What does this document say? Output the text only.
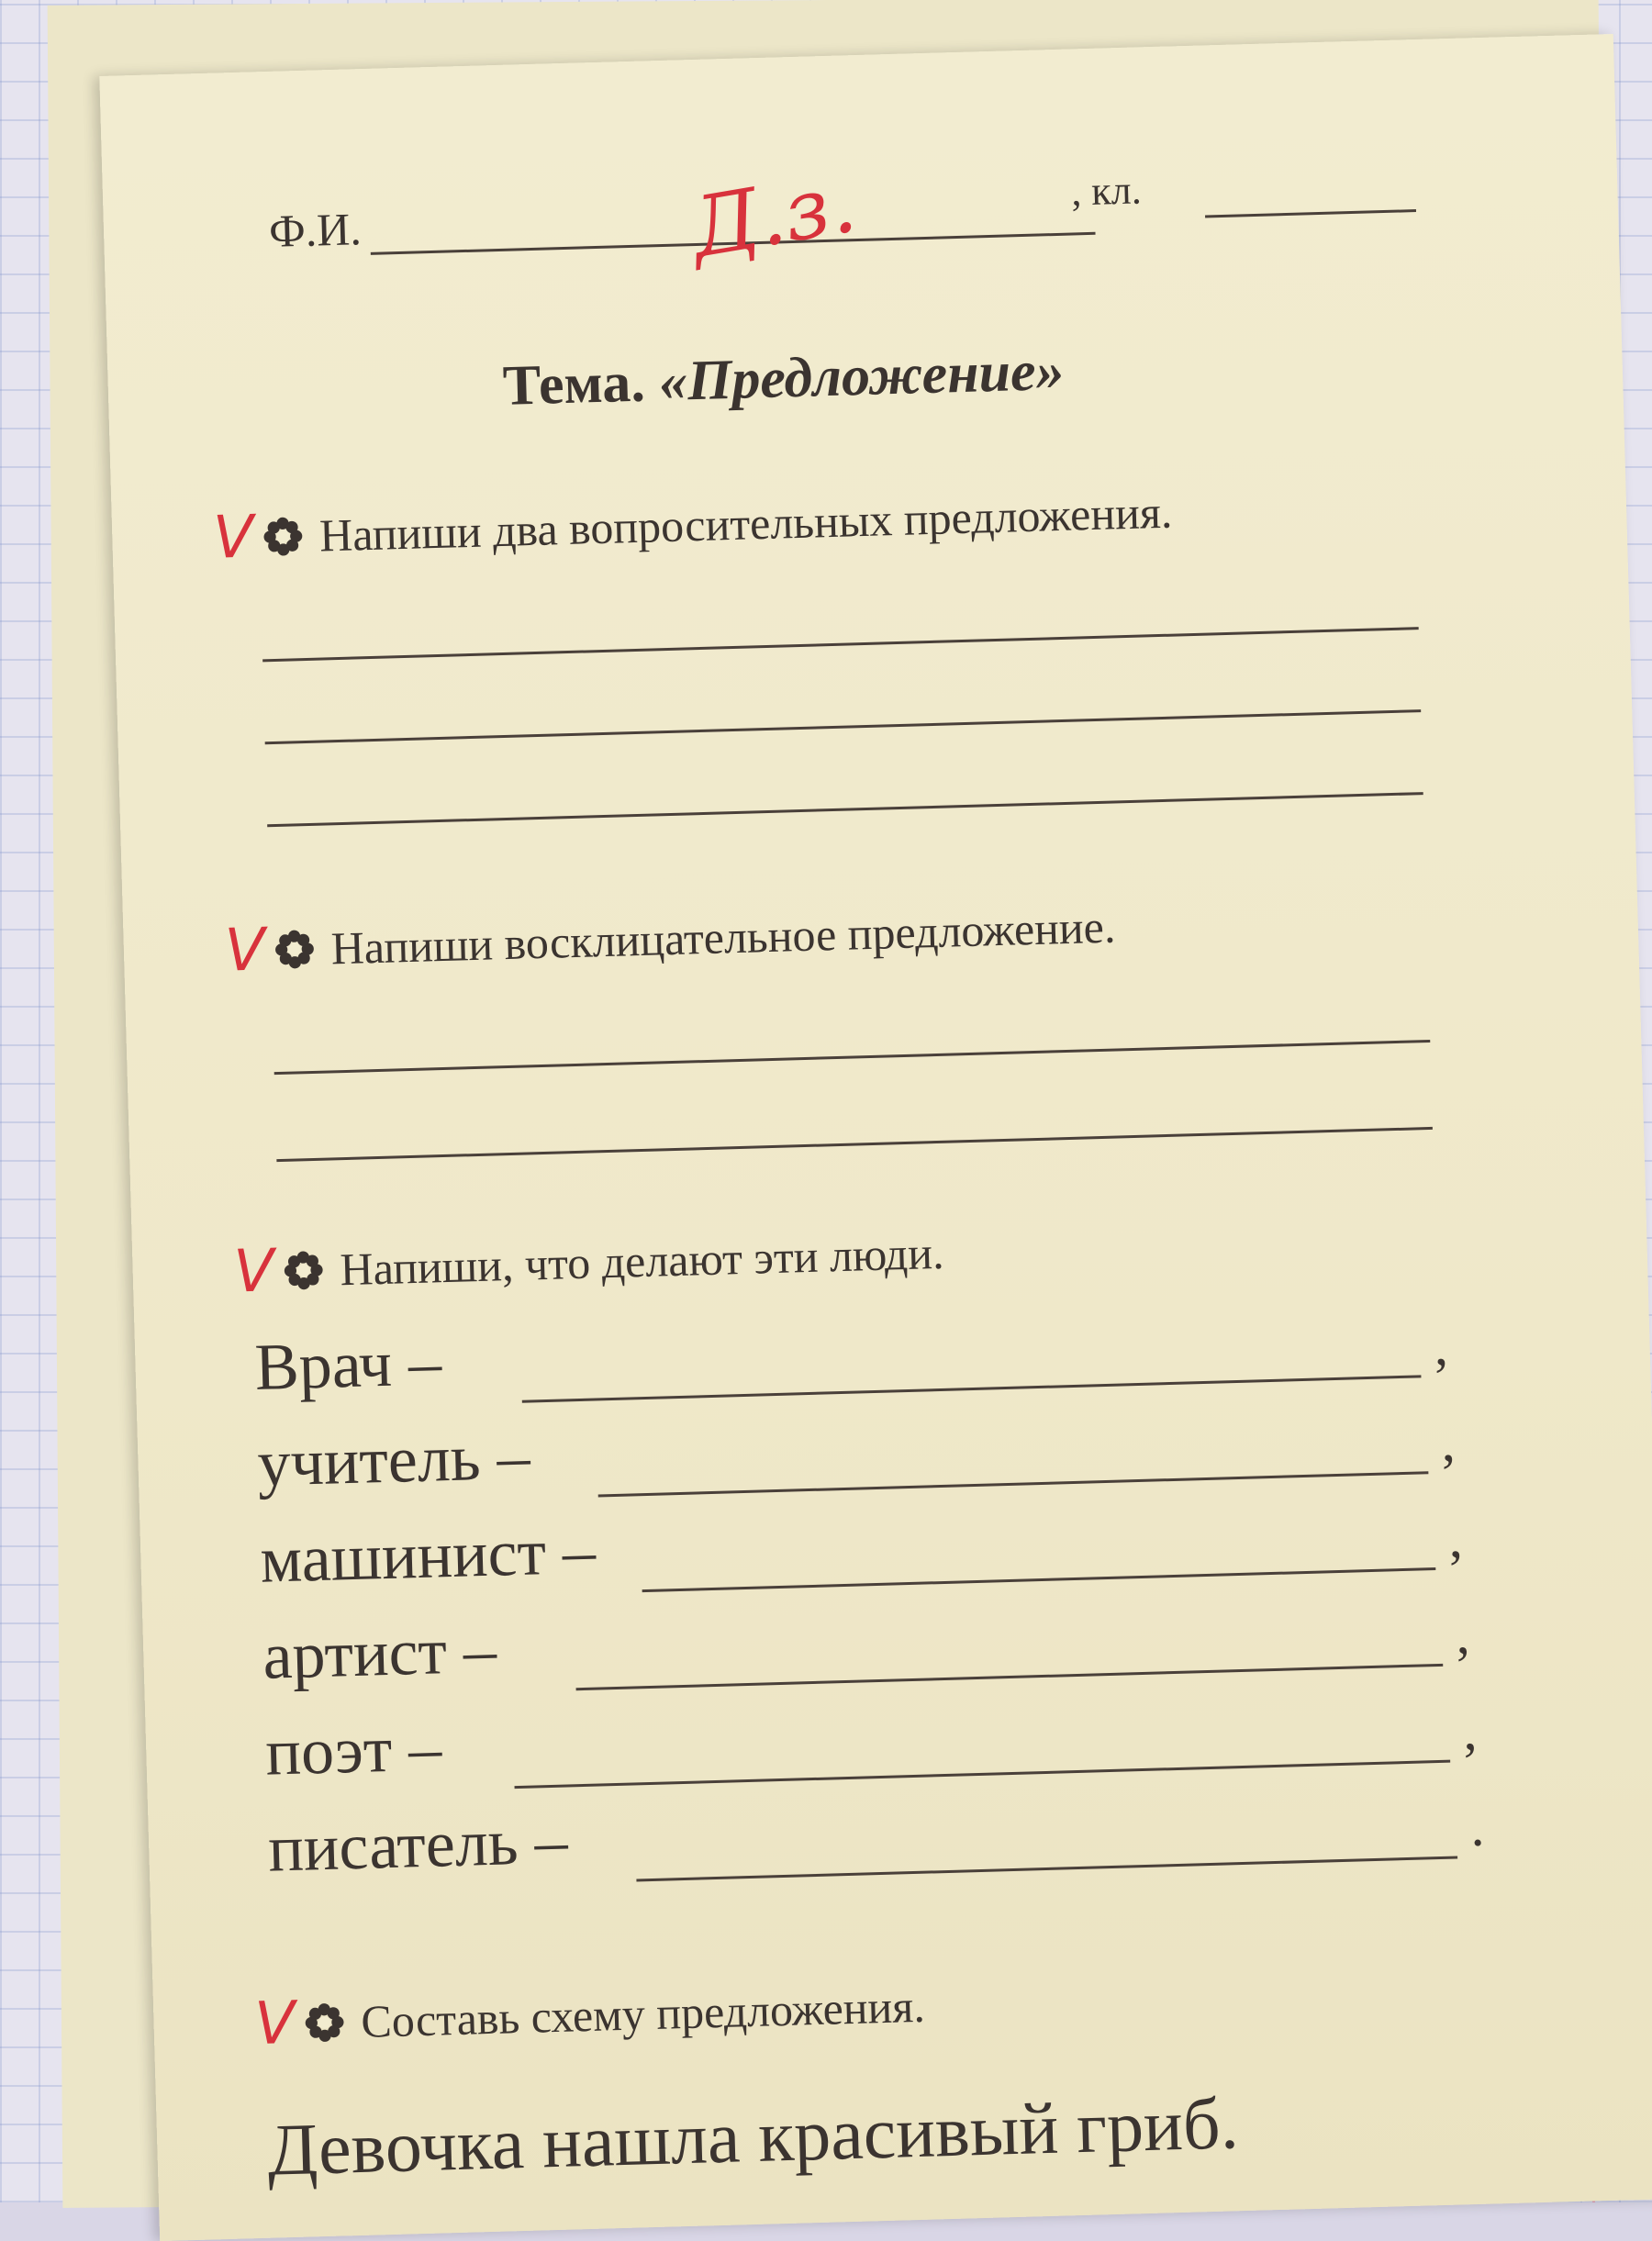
Ф.И.	Д.з.	, кл.
Тема. «Предложение»
V Напиши два вопросительных предложения.
V Напиши восклицательное предложение.
V Напиши, что делают эти люди.
Врач –	,
учитель –	,
машинист –	,
артист –	,
поэт –	,
писатель –	.
V Составь схему предложения.
Девочка нашла красивый гриб.
